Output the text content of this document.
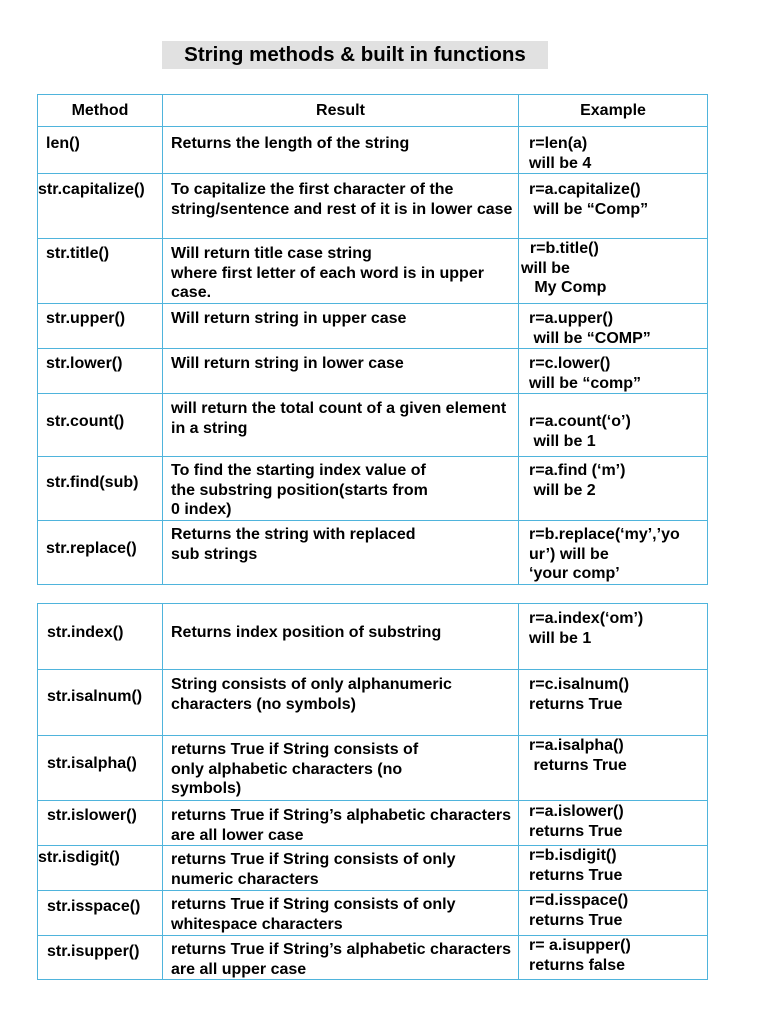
String methods & built in functions
Method	Result	Example

len()	Returns the length of the string	r=len(a)
will be 4

str.capitalize()	To capitalize the first character of the string/sentence and rest of it is in lower case	r=a.capitalize()
will be “Comp”

str.title()	Will return title case string
where first letter of each word is in upper case.	r=b.title()
will be
My Comp

str.upper()	Will return string in upper case	r=a.upper()
will be “COMP”

str.lower()	Will return string in lower case	r=c.lower()
will be “comp”

str.count()	will return the total count of a given element in a string	r=a.count(‘o’)
will be 1

str.find(sub)	To find the starting index value of
the substring position(starts from
0 index)	r=a.find (‘m’)
will be 2

str.replace()	Returns the string with replaced
sub strings	r=b.replace(‘my’,’yo
ur’) will be
‘your comp’
str.index()	Returns index position of substring	r=a.index(‘om’)
will be 1

str.isalnum()	String consists of only alphanumeric characters (no symbols)	r=c.isalnum()
returns True

str.isalpha()	returns True if String consists of
only alphabetic characters (no
symbols)	r=a.isalpha()
returns True

str.islower()	returns True if String’s alphabetic characters are all lower case	r=a.islower()
returns True

str.isdigit()	returns True if String consists of only numeric characters	r=b.isdigit()
returns True

str.isspace()	returns True if String consists of only whitespace characters	r=d.isspace()
returns True

str.isupper()	returns True if String’s alphabetic characters are all upper case	r= a.isupper()
returns false
